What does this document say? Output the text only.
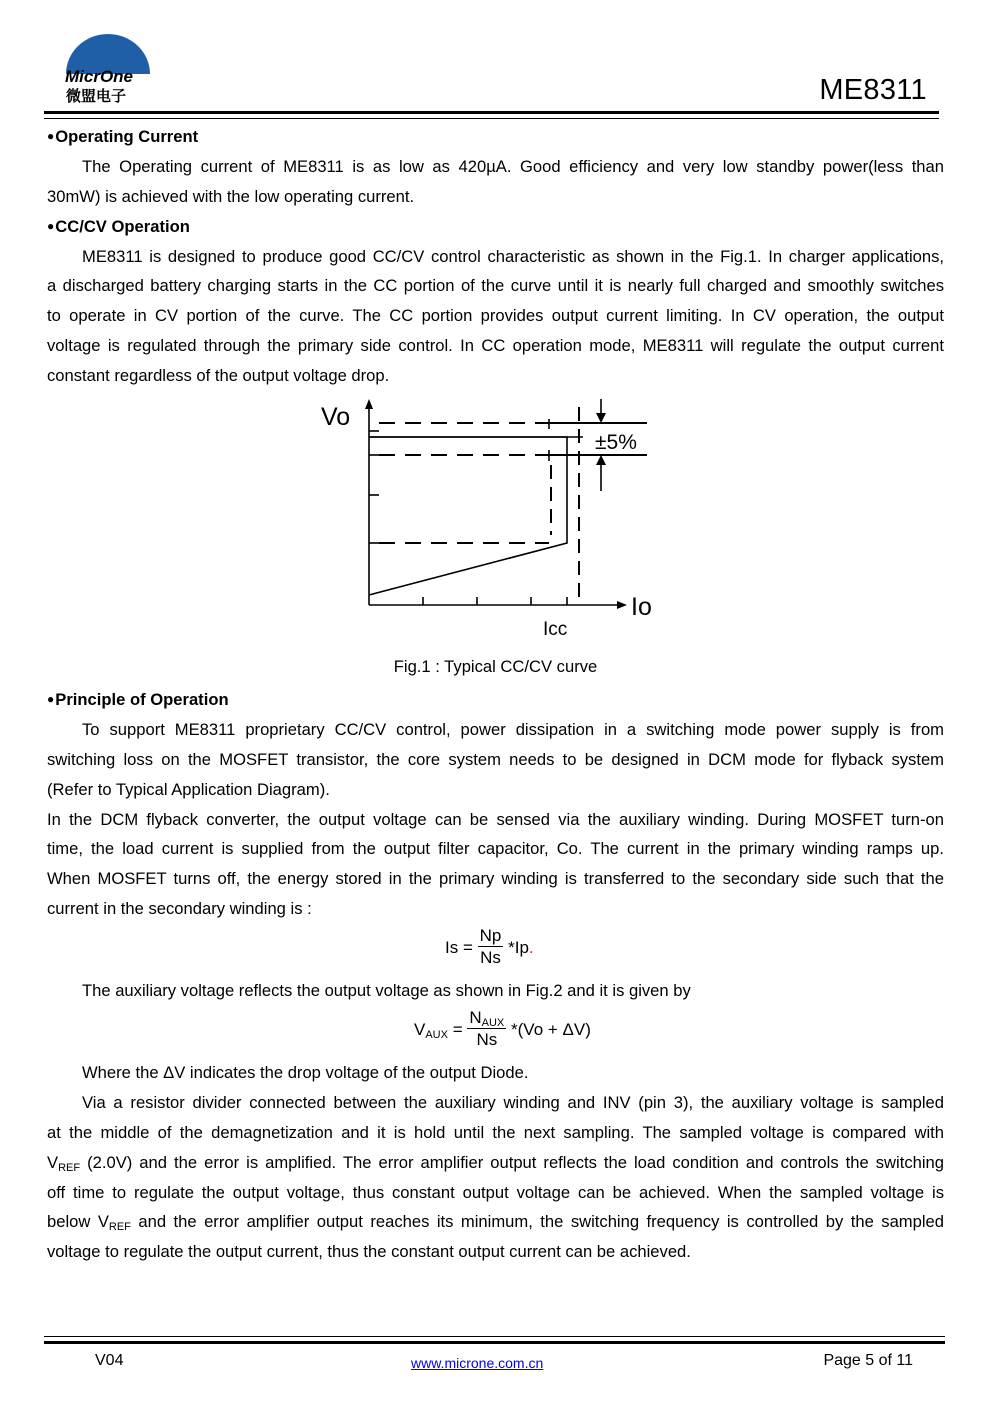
MicrOne
微盟电子	ME8311
●Operating Current
The Operating current of ME8311 is as low as 420µA. Good efficiency and very low standby power(less than
30mW) is achieved with the low operating current.
●CC/CV Operation
ME8311 is designed to produce good CC/CV control characteristic as shown in the Fig.1. In charger applications,
a discharged battery charging starts in the CC portion of the curve until it is nearly full charged and smoothly switches
to operate in CV portion of the curve. The CC portion provides output current limiting. In CV operation, the output
voltage is regulated through the primary side control. In CC operation mode, ME8311 will regulate the output current
constant regardless of the output voltage drop.
Vo
Io
Icc
±5%
Fig.1 : Typical CC/CV curve
●Principle of Operation
To support ME8311 proprietary CC/CV control, power dissipation in a switching mode power supply is from
switching loss on the MOSFET transistor, the core system needs to be designed in DCM mode for flyback system
(Refer to Typical Application Diagram).
In the DCM flyback converter, the output voltage can be sensed via the auxiliary winding. During MOSFET turn-on
time, the load current is supplied from the output filter capacitor, Co. The current in the primary winding ramps up.
When MOSFET turns off, the energy stored in the primary winding is transferred to the secondary side such that the
current in the secondary winding is :
$Is = \frac{Np}{Ns} *Ip$.
The auxiliary voltage reflects the output voltage as shown in Fig.2 and it is given by
$V_{AUX} = \frac{N_{AUX}}{Ns} *(Vo + \Delta V)$
Where the ΔV indicates the drop voltage of the output Diode.
Via a resistor divider connected between the auxiliary winding and INV (pin 3), the auxiliary voltage is sampled
at the middle of the demagnetization and it is hold until the next sampling. The sampled voltage is compared with
$V_{REF}$ (2.0V) and the error is amplified. The error amplifier output reflects the load condition and controls the switching
off time to regulate the output voltage, thus constant output voltage can be achieved. When the sampled voltage is
below $V_{REF}$ and the error amplifier output reaches its minimum, the switching frequency is controlled by the sampled
voltage to regulate the output current, thus the constant output current can be achieved.
V04	www.microne.com.cn	Page 5 of 11
